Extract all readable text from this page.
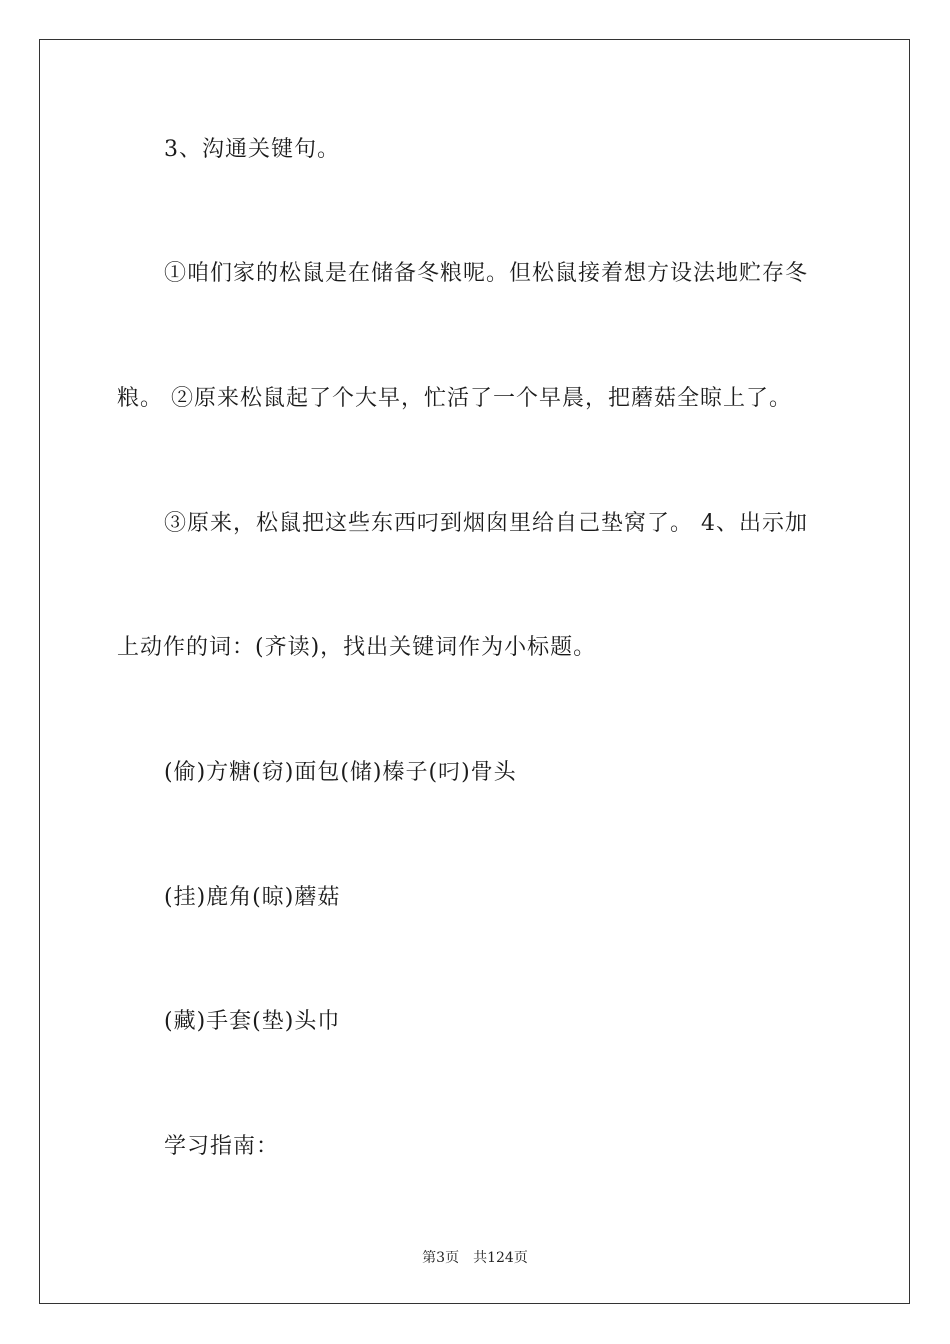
3、沟通关键句。
①咱们家的松鼠是在储备冬粮呢。但松鼠接着想方设法地贮存冬
粮。 ②原来松鼠起了个大早，忙活了一个早晨，把蘑菇全晾上了。
③原来，松鼠把这些东西叼到烟囱里给自己垫窝了。 4、出示加
上动作的词：(齐读)，找出关键词作为小标题。
(偷)方糖(窃)面包(储)榛子(叼)骨头
(挂)鹿角(晾)蘑菇
(藏)手套(垫)头巾
学习指南：
第3页 共124页
